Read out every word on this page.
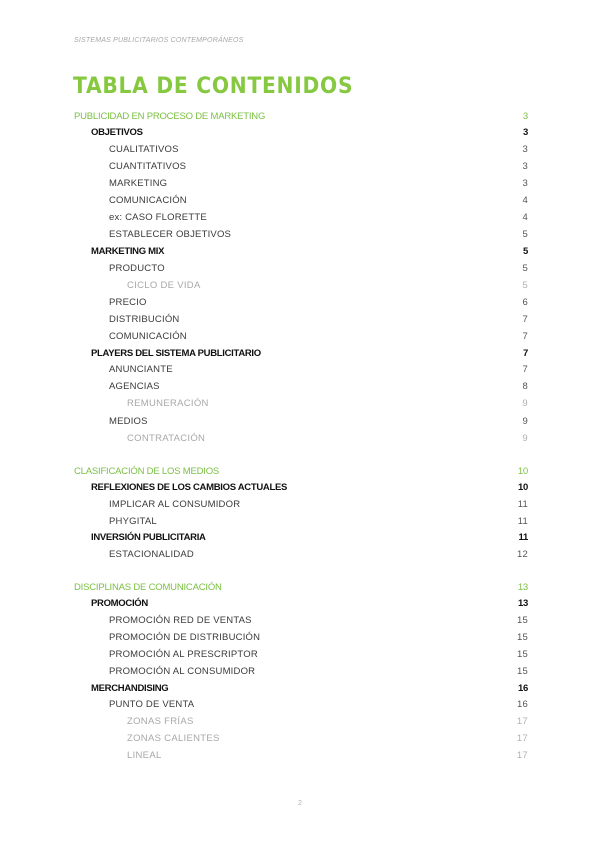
SISTEMAS PUBLICITARIOS CONTEMPORÁNEOS
TABLA DE CONTENIDOS
PUBLICIDAD EN PROCESO DE MARKETING	3
OBJETIVOS	3
CUALITATIVOS	3
CUANTITATIVOS	3
MARKETING	3
COMUNICACIÓN	4
ex: CASO FLORETTE	4
ESTABLECER OBJETIVOS	5
MARKETING MIX	5
PRODUCTO	5
CICLO DE VIDA	5
PRECIO	6
DISTRIBUCIÓN	7
COMUNICACIÓN	7
PLAYERS DEL SISTEMA PUBLICITARIO	7
ANUNCIANTE	7
AGENCIAS	8
REMUNERACIÓN	9
MEDIOS	9
CONTRATACIÓN	9
CLASIFICACIÓN DE LOS MEDIOS	10
REFLEXIONES DE LOS CAMBIOS ACTUALES	10
IMPLICAR AL CONSUMIDOR	11
PHYGITAL	11
INVERSIÓN PUBLICITARIA	11
ESTACIONALIDAD	12
DISCIPLINAS DE COMUNICACIÓN	13
PROMOCIÓN	13
PROMOCIÓN RED DE VENTAS	15
PROMOCIÓN DE DISTRIBUCIÓN	15
PROMOCIÓN AL PRESCRIPTOR	15
PROMOCIÓN AL CONSUMIDOR	15
MERCHANDISING	16
PUNTO DE VENTA	16
ZONAS FRÍAS	17
ZONAS CALIENTES	17
LINEAL	17
2
